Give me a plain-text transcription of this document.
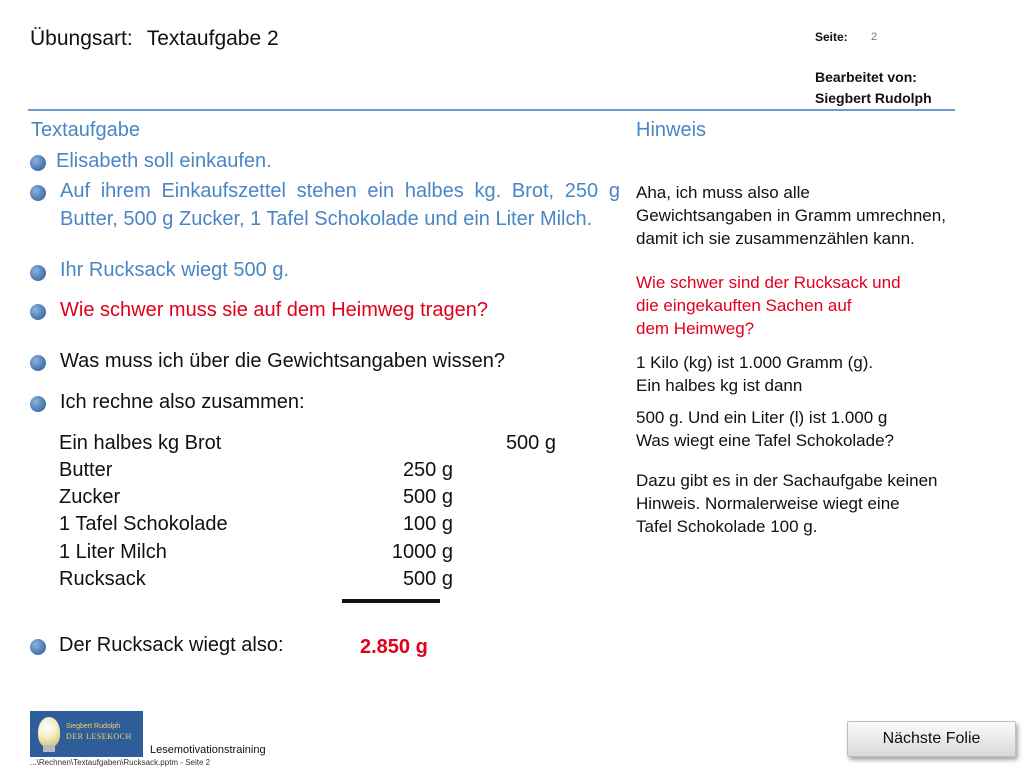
Übungsart: Textaufgabe 2	Seite: 2
Bearbeitet von:
Siegbert Rudolph
Textaufgabe	Hinweis
Elisabeth soll einkaufen.
Auf ihrem Einkaufszettel stehen ein halbes kg. Brot, 250 g Butter, 500 g Zucker, 1 Tafel Schokolade und ein Liter Milch.
Ihr Rucksack wiegt 500 g.
Wie schwer muss sie auf dem Heimweg tragen?
Was muss ich über die Gewichtsangaben wissen?
Ich rechne also zusammen:
Ein halbes kg Brot	500 g
Butter	250 g
Zucker	500 g
1 Tafel Schokolade	100 g
1 Liter Milch	1000 g
Rucksack	500 g
Der Rucksack wiegt also:	2.850 g
Aha, ich muss also alle
Gewichtsangaben in Gramm umrechnen,
damit ich sie zusammenzählen kann.
Wie schwer sind der Rucksack und
die eingekauften Sachen auf
dem Heimweg?
1 Kilo (kg) ist 1.000 Gramm (g).
Ein halbes kg ist dann
500 g. Und ein Liter (l) ist 1.000 g
Was wiegt eine Tafel Schokolade?
Dazu gibt es in der Sachaufgabe keinen
Hinweis. Normalerweise wiegt eine
Tafel Schokolade 100 g.
Siegbert Rudolph
DER LESEKOCH
Lesemotivationstraining
...\Rechnen\Textaufgaben\Rucksack.pptm - Seite 2
Nächste Folie
